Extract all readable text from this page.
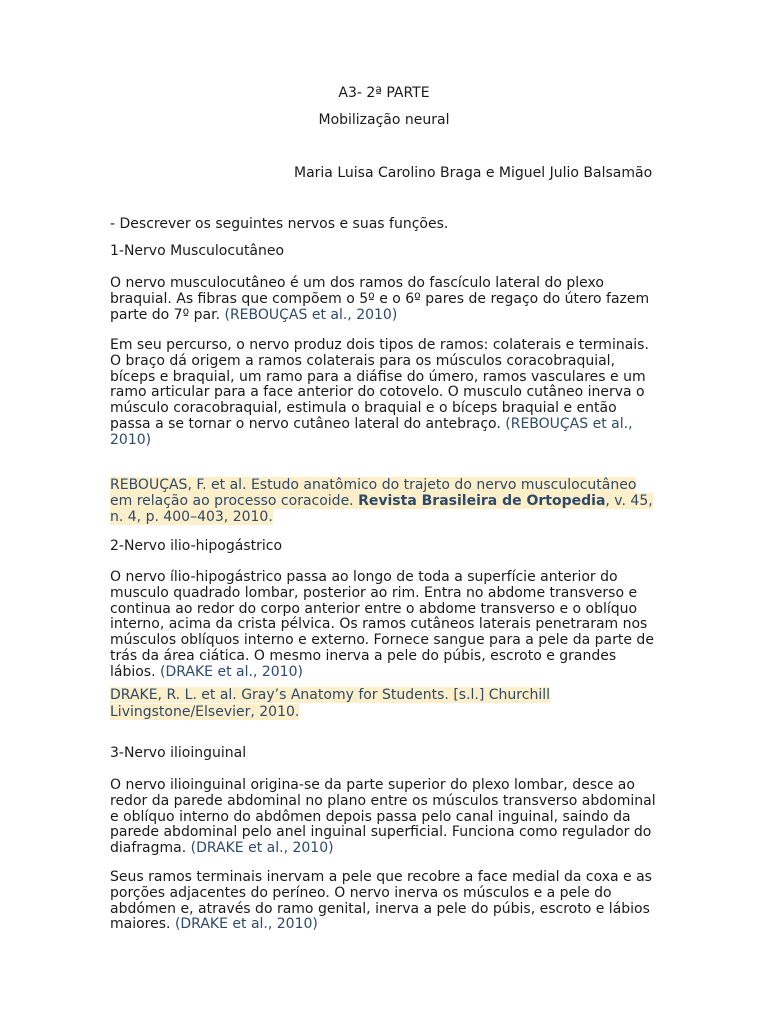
A3- 2ª PARTE

Mobilização neural

Maria Luisa Carolino Braga e Miguel Julio Balsamão

- Descrever os seguintes nervos e suas funções.

1-Nervo Musculocutâneo

O nervo musculocutâneo é um dos ramos do fascículo lateral do plexo braquial. As fibras que compõem o 5º e o 6º pares de regaço do útero fazem parte do 7º par. (REBOUÇAS et al., 2010)

Em seu percurso, o nervo produz dois tipos de ramos: colaterais e terminais. O braço dá origem a ramos colaterais para os músculos coracobraquial, bíceps e braquial, um ramo para a diáfise do úmero, ramos vasculares e um ramo articular para a face anterior do cotovelo. O musculo cutâneo inerva o músculo coracobraquial, estimula o braquial e o bíceps braquial e então passa a se tornar o nervo cutâneo lateral do antebraço. (REBOUÇAS et al., 2010)

REBOUÇAS, F. et al. Estudo anatômico do trajeto do nervo musculocutâneo em relação ao processo coracoide. Revista Brasileira de Ortopedia, v. 45, n. 4, p. 400–403, 2010.

2-Nervo ilio-hipogástrico

O nervo ílio-hipogástrico passa ao longo de toda a superfície anterior do musculo quadrado lombar, posterior ao rim. Entra no abdome transverso e continua ao redor do corpo anterior entre o abdome transverso e o oblíquo interno, acima da crista pélvica. Os ramos cutâneos laterais penetraram nos músculos oblíquos interno e externo. Fornece sangue para a pele da parte de trás da área ciática. O mesmo inerva a pele do púbis, escroto e grandes lábios. (DRAKE et al., 2010)

DRAKE, R. L. et al. Gray’s Anatomy for Students. [s.l.] Churchill Livingstone/Elsevier, 2010.

3-Nervo ilioinguinal

O nervo ilioinguinal origina-se da parte superior do plexo lombar, desce ao redor da parede abdominal no plano entre os músculos transverso abdominal e oblíquo interno do abdômen depois passa pelo canal inguinal, saindo da parede abdominal pelo anel inguinal superficial. Funciona como regulador do diafragma. (DRAKE et al., 2010)

Seus ramos terminais inervam a pele que recobre a face medial da coxa e as porções adjacentes do períneo. O nervo inerva os músculos e a pele do abdómen e, através do ramo genital, inerva a pele do púbis, escroto e lábios maiores. (DRAKE et al., 2010)
